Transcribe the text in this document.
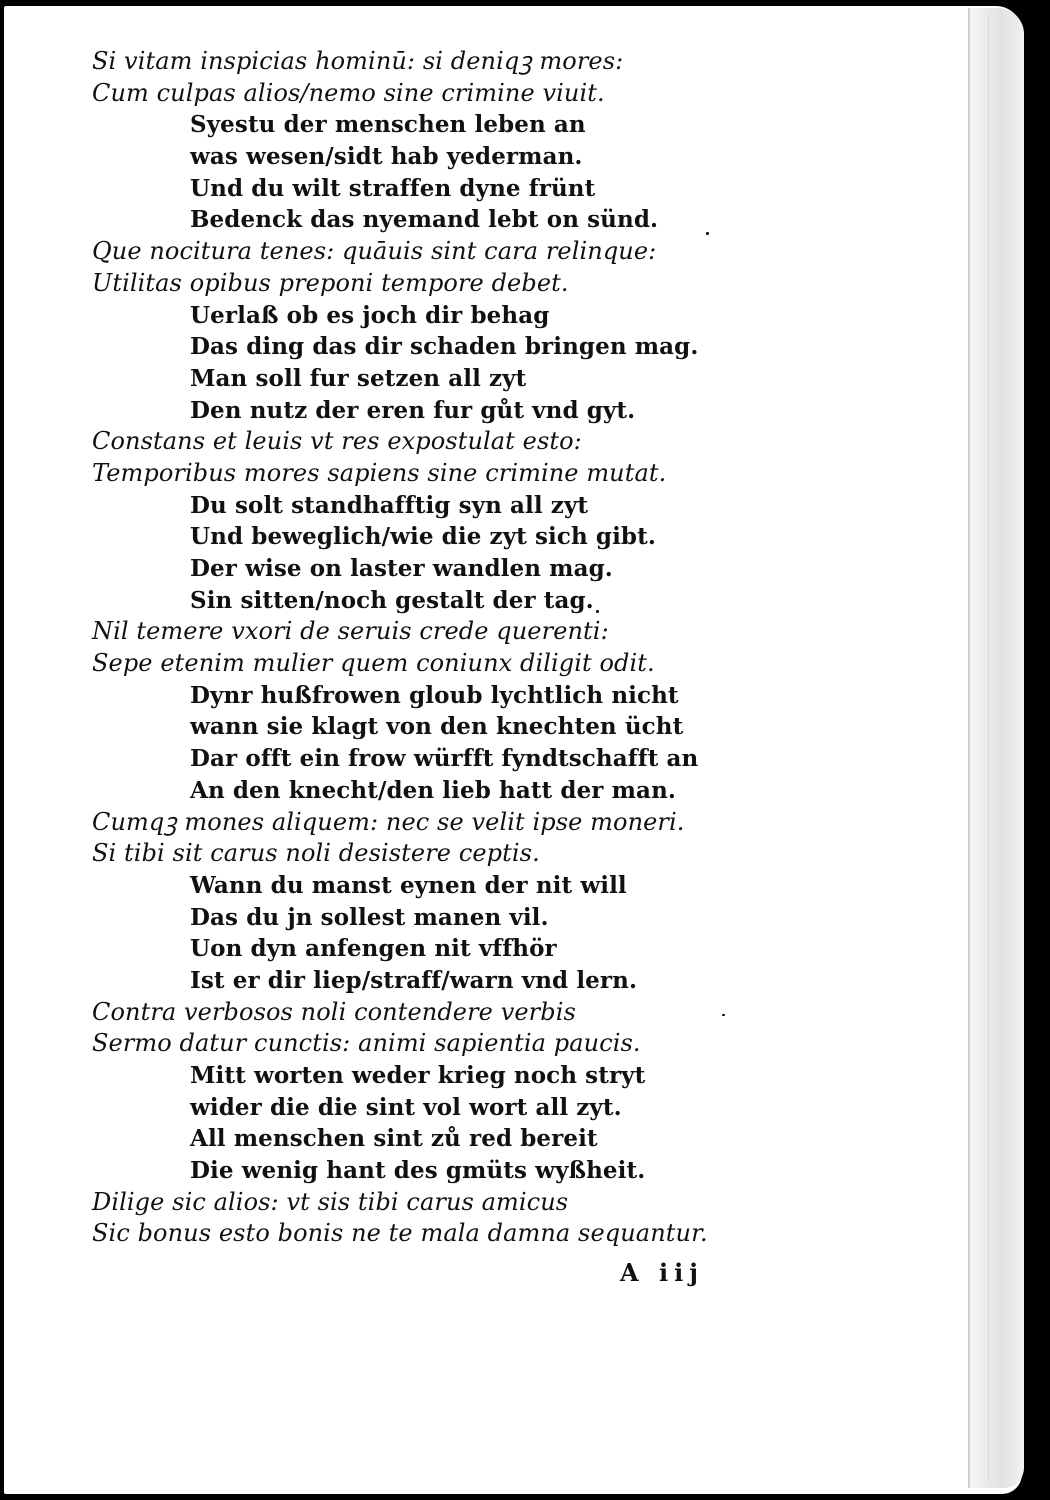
Si vitam inspicias hominū: si deniqꝫ mores:
Cum culpas alios/nemo sine crimine viuit.
Syestu der menschen leben an
was wesen/sidt hab yederman.
Und du wilt straffen dyne frünt
Bedenck das nyemand lebt on sünd.
Que nocitura tenes: quāuis sint cara relinque:
Utilitas opibus preponi tempore debet.
Uerlaß ob es joch dir behag
Das ding das dir schaden bringen mag.
Man soll fur setzen all zyt
Den nutz der eren fur gůt vnd gyt.
Constans et leuis vt res expostulat esto:
Temporibus mores sapiens sine crimine mutat.
Du solt standhafftig syn all zyt
Und beweglich/wie die zyt sich gibt.
Der wise on laster wandlen mag.
Sin sitten/noch gestalt der tag.
Nil temere vxori de seruis crede querenti:
Sepe etenim mulier quem coniunx diligit odit.
Dynr hußfrowen gloub lychtlich nicht
wann sie klagt von den knechten ücht
Dar offt ein frow würfft fyndtschafft an
An den knecht/den lieb hatt der man.
Cumqꝫ mones aliquem: nec se velit ipse moneri.
Si tibi sit carus noli desistere ceptis.
Wann du manst eynen der nit will
Das du jn sollest manen vil.
Uon dyn anfengen nit vffhör
Ist er dir liep/straff/warn vnd lern.
Contra verbosos noli contendere verbis
Sermo datur cunctis: animi sapientia paucis.
Mitt worten weder krieg noch stryt
wider die die sint vol wort all zyt.
All menschen sint zů red bereit
Die wenig hant des gmüts wyßheit.
Dilige sic alios: vt sis tibi carus amicus
Sic bonus esto bonis ne te mala damna sequantur.
A iij
